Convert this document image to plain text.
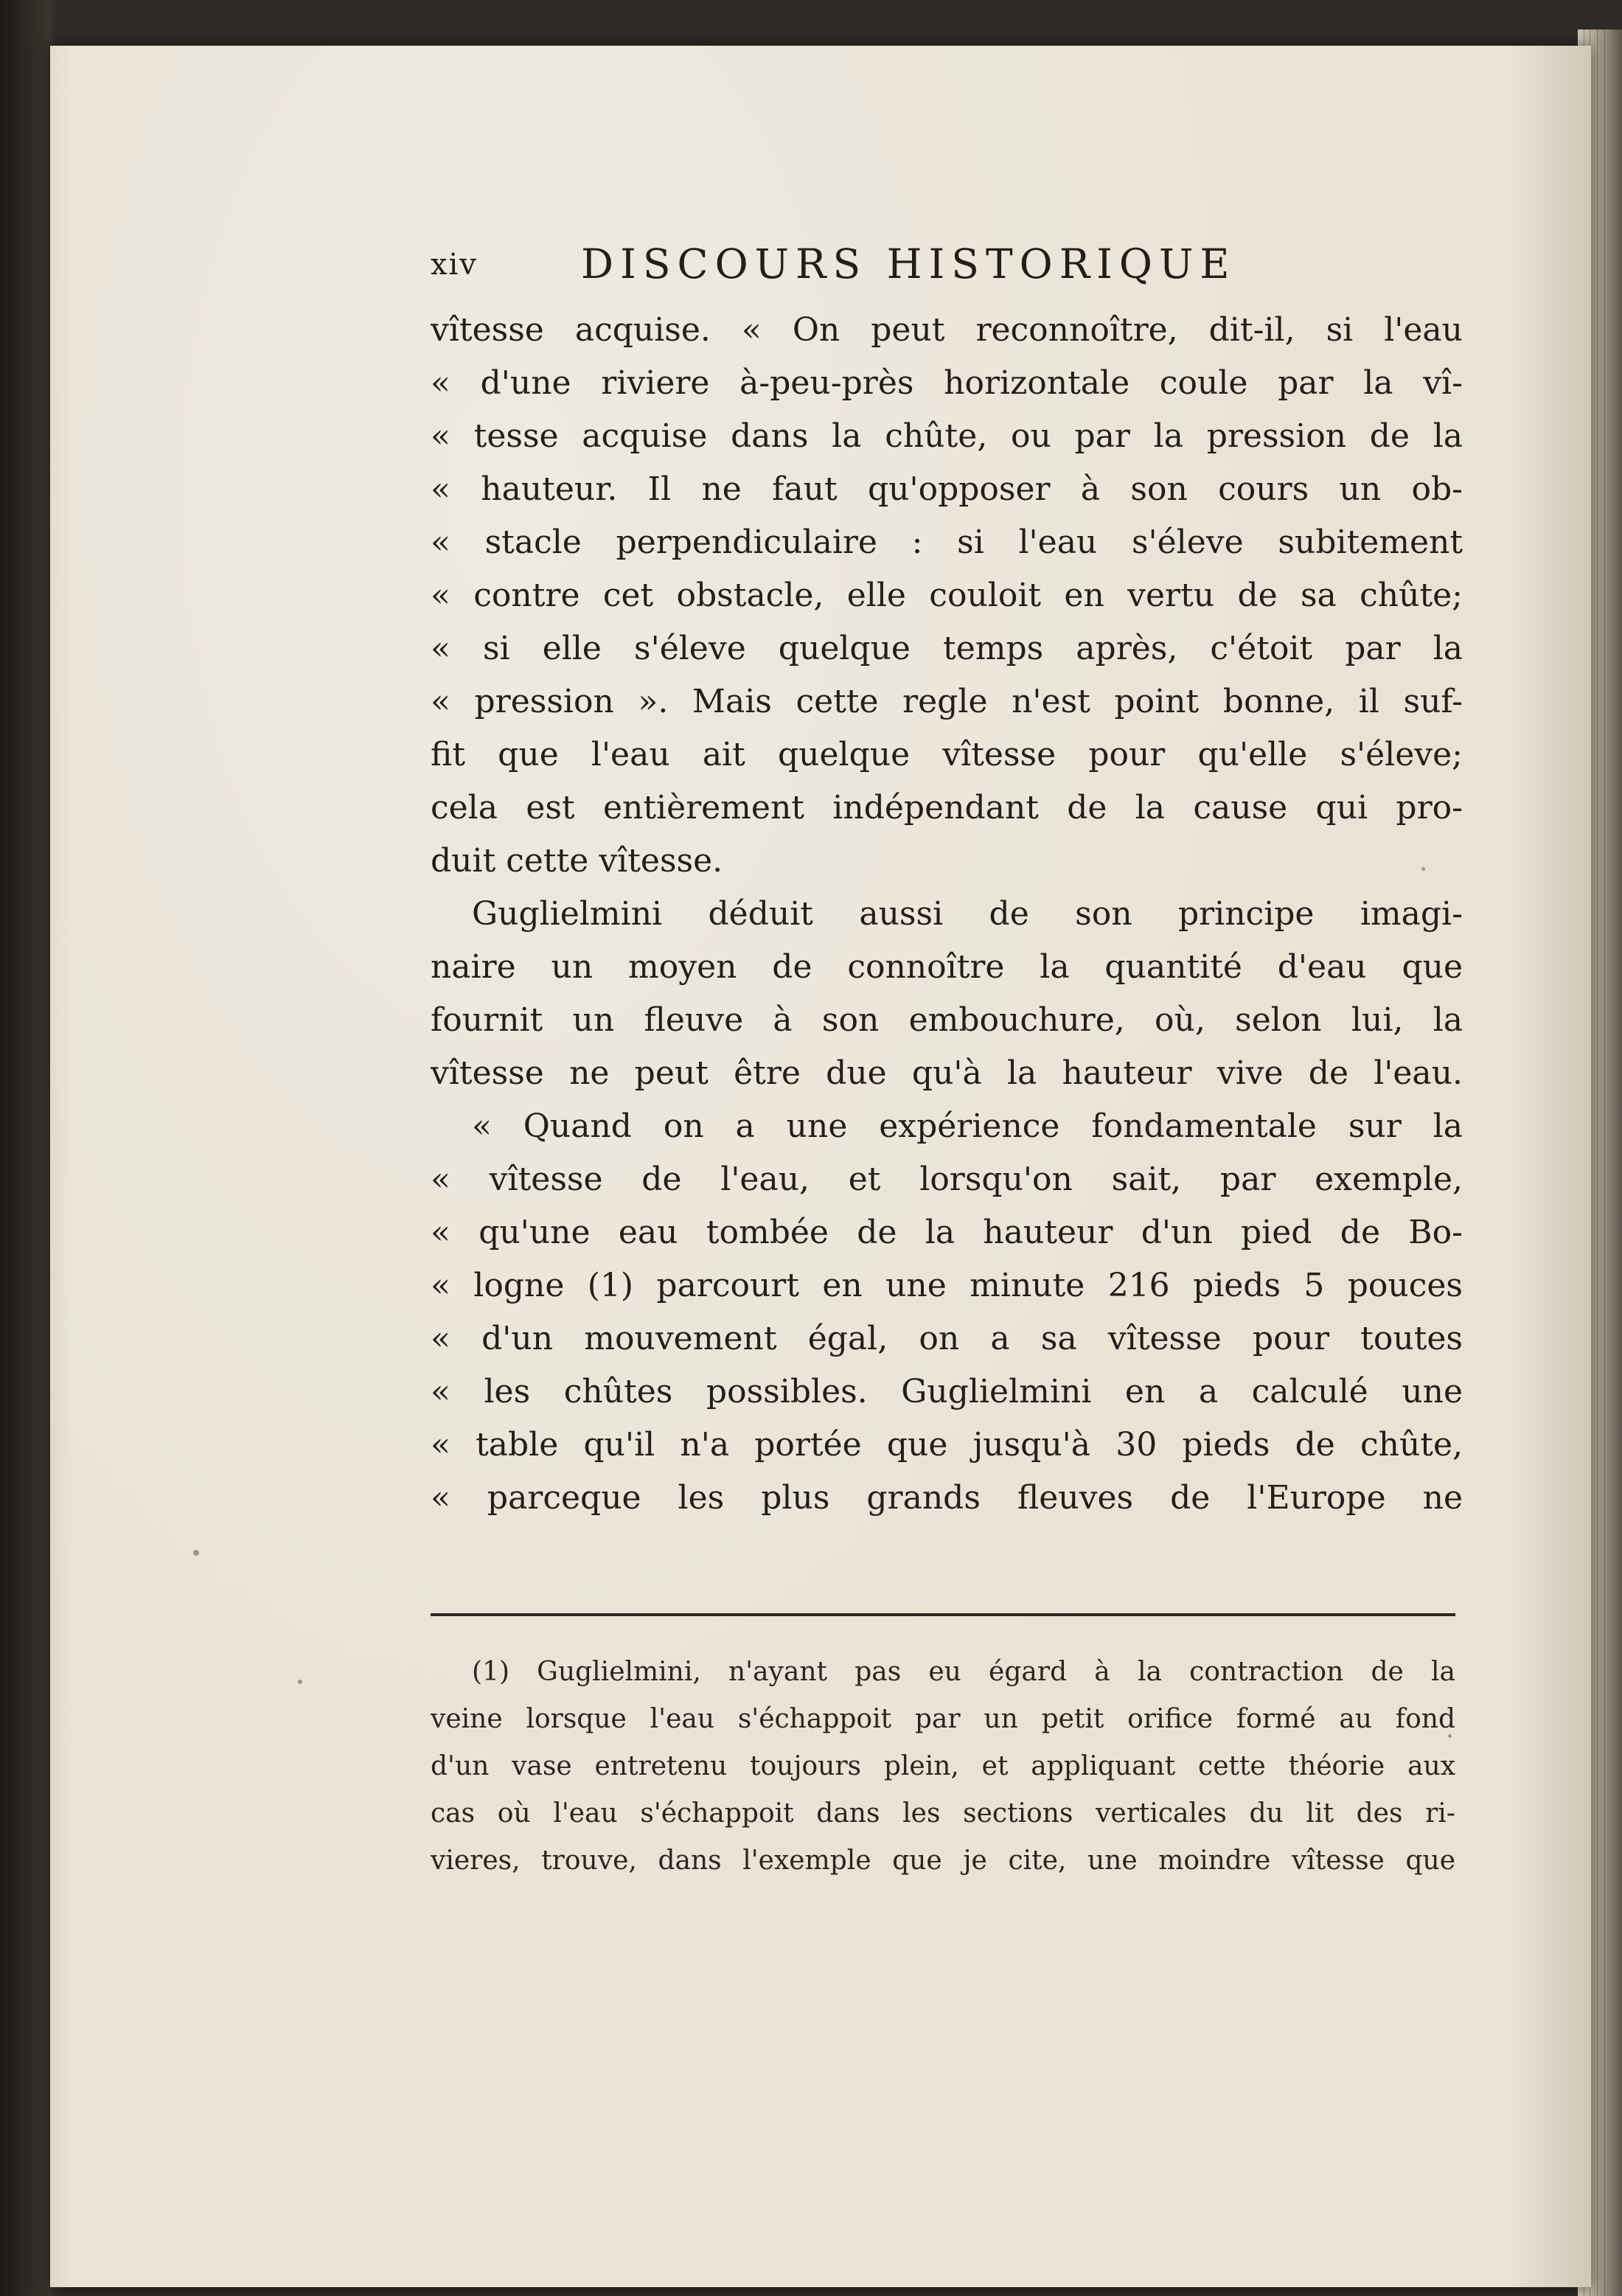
xiv	DISCOURS HISTORIQUE
vîtesse acquise. « On peut reconnoître, dit-il, si l'eau
« d'une riviere à-peu-près horizontale coule par la vî-
« tesse acquise dans la chûte, ou par la pression de la
« hauteur. Il ne faut qu'opposer à son cours un ob-
« stacle perpendiculaire : si l'eau s'éleve subitement
« contre cet obstacle, elle couloit en vertu de sa chûte;
« si elle s'éleve quelque temps après, c'étoit par la
« pression ». Mais cette regle n'est point bonne, il suf-
fit que l'eau ait quelque vîtesse pour qu'elle s'éleve;
cela est entièrement indépendant de la cause qui pro-
duit cette vîtesse.
Guglielmini déduit aussi de son principe imagi-
naire un moyen de connoître la quantité d'eau que
fournit un fleuve à son embouchure, où, selon lui, la
vîtesse ne peut être due qu'à la hauteur vive de l'eau.
« Quand on a une expérience fondamentale sur la
« vîtesse de l'eau, et lorsqu'on sait, par exemple,
« qu'une eau tombée de la hauteur d'un pied de Bo-
« logne (1) parcourt en une minute 216 pieds 5 pouces
« d'un mouvement égal, on a sa vîtesse pour toutes
« les chûtes possibles. Guglielmini en a calculé une
« table qu'il n'a portée que jusqu'à 30 pieds de chûte,
« parceque les plus grands fleuves de l'Europe ne
(1) Guglielmini, n'ayant pas eu égard à la contraction de la
veine lorsque l'eau s'échappoit par un petit orifice formé au fond
d'un vase entretenu toujours plein, et appliquant cette théorie aux
cas où l'eau s'échappoit dans les sections verticales du lit des ri-
vieres, trouve, dans l'exemple que je cite, une moindre vîtesse que
